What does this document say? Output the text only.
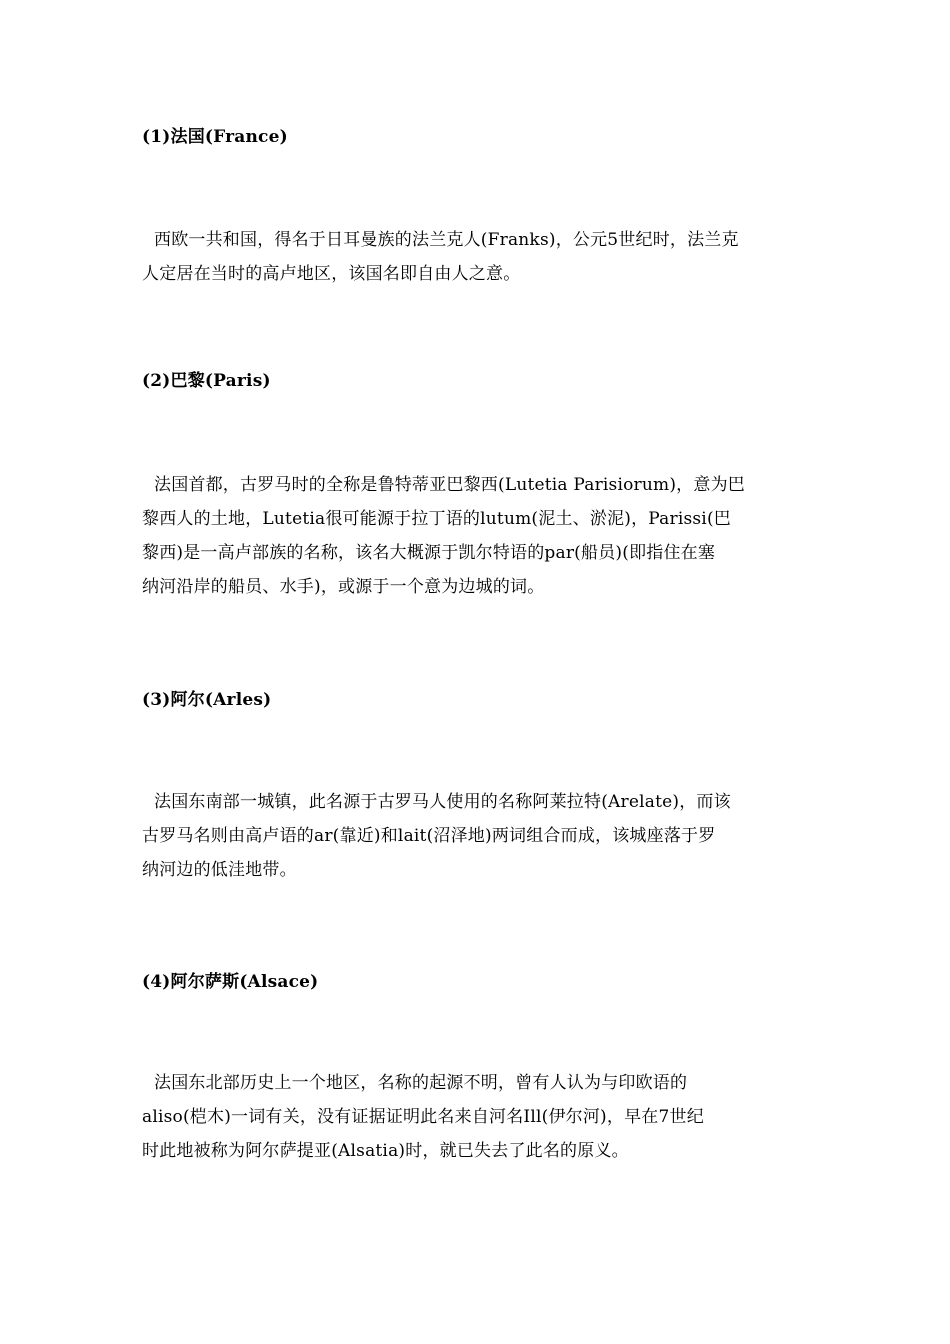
(1)法国(France)

西欧一共和国，得名于日耳曼族的法兰克人(Franks)，公元5世纪时，法兰克
人定居在当时的高卢地区，该国名即自由人之意。

(2)巴黎(Paris)

法国首都，古罗马时的全称是鲁特蒂亚巴黎西(Lutetia Parisiorum)，意为巴
黎西人的土地，Lutetia很可能源于拉丁语的lutum(泥土、淤泥)，Parissi(巴
黎西)是一高卢部族的名称，该名大概源于凯尔特语的par(船员)(即指住在塞
纳河沿岸的船员、水手)，或源于一个意为边城的词。

(3)阿尔(Arles)

法国东南部一城镇，此名源于古罗马人使用的名称阿莱拉特(Arelate)，而该
古罗马名则由高卢语的ar(靠近)和lait(沼泽地)两词组合而成，该城座落于罗
纳河边的低洼地带。

(4)阿尔萨斯(Alsace)

法国东北部历史上一个地区，名称的起源不明，曾有人认为与印欧语的
aliso(桤木)一词有关，没有证据证明此名来自河名Ill(伊尔河)，早在7世纪
时此地被称为阿尔萨提亚(Alsatia)时，就已失去了此名的原义。
